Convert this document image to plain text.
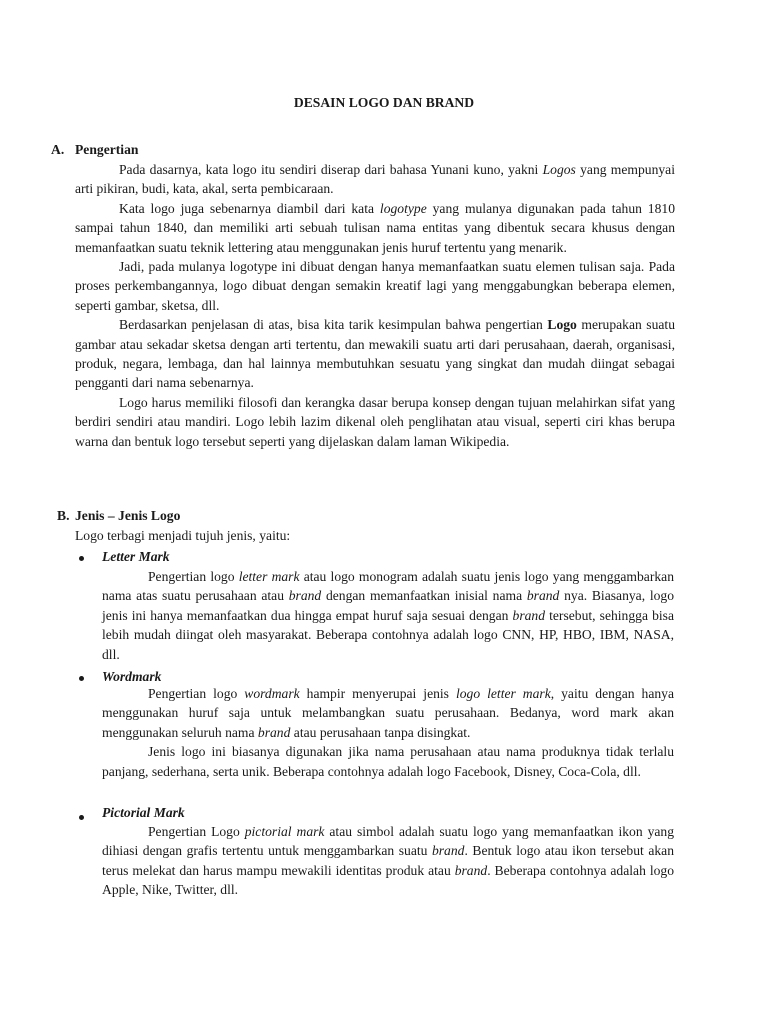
DESAIN LOGO DAN BRAND
A. Pengertian

Pada dasarnya, kata logo itu sendiri diserap dari bahasa Yunani kuno, yakni Logos yang mempunyai arti pikiran, budi, kata, akal, serta pembicaraan.

Kata logo juga sebenarnya diambil dari kata logotype yang mulanya digunakan pada tahun 1810 sampai tahun 1840, dan memiliki arti sebuah tulisan nama entitas yang dibentuk secara khusus dengan memanfaatkan suatu teknik lettering atau menggunakan jenis huruf tertentu yang menarik.

Jadi, pada mulanya logotype ini dibuat dengan hanya memanfaatkan suatu elemen tulisan saja. Pada proses perkembangannya, logo dibuat dengan semakin kreatif lagi yang menggabungkan beberapa elemen, seperti gambar, sketsa, dll.

Berdasarkan penjelasan di atas, bisa kita tarik kesimpulan bahwa pengertian Logo merupakan suatu gambar atau sekadar sketsa dengan arti tertentu, dan mewakili suatu arti dari perusahaan, daerah, organisasi, produk, negara, lembaga, dan hal lainnya membutuhkan sesuatu yang singkat dan mudah diingat sebagai pengganti dari nama sebenarnya.

Logo harus memiliki filosofi dan kerangka dasar berupa konsep dengan tujuan melahirkan sifat yang berdiri sendiri atau mandiri. Logo lebih lazim dikenal oleh penglihatan atau visual, seperti ciri khas berupa warna dan bentuk logo tersebut seperti yang dijelaskan dalam laman Wikipedia.

B. Jenis – Jenis Logo
Logo terbagi menjadi tujuh jenis, yaitu:
Letter Mark

Pengertian logo letter mark atau logo monogram adalah suatu jenis logo yang menggambarkan nama atas suatu perusahaan atau brand dengan memanfaatkan inisial nama brand nya. Biasanya, logo jenis ini hanya memanfaatkan dua hingga empat huruf saja sesuai dengan brand tersebut, sehingga bisa lebih mudah diingat oleh masyarakat. Beberapa contohnya adalah logo CNN, HP, HBO, IBM, NASA, dll.

Wordmark

Pengertian logo wordmark hampir menyerupai jenis logo letter mark, yaitu dengan hanya menggunakan huruf saja untuk melambangkan suatu perusahaan. Bedanya, word mark akan menggunakan seluruh nama brand atau perusahaan tanpa disingkat.

Jenis logo ini biasanya digunakan jika nama perusahaan atau nama produknya tidak terlalu panjang, sederhana, serta unik. Beberapa contohnya adalah logo Facebook, Disney, Coca-Cola, dll.

Pictorial Mark

Pengertian Logo pictorial mark atau simbol adalah suatu logo yang memanfaatkan ikon yang dihiasi dengan grafis tertentu untuk menggambarkan suatu brand. Bentuk logo atau ikon tersebut akan terus melekat dan harus mampu mewakili identitas produk atau brand. Beberapa contohnya adalah logo Apple, Nike, Twitter, dll.
